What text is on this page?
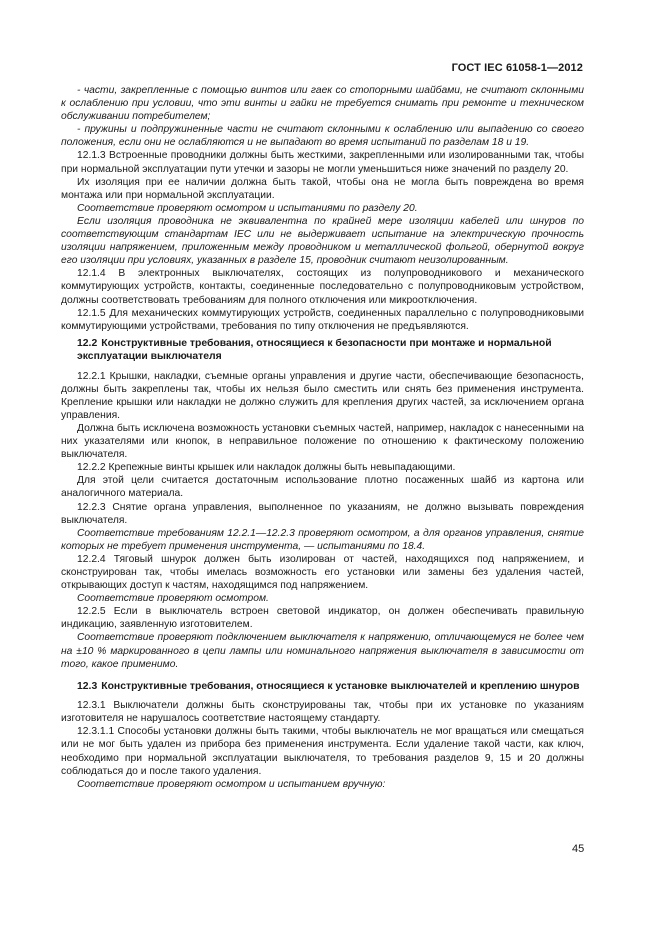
ГОСТ IEC 61058-1—2012

- части, закрепленные с помощью винтов или гаек со стопорными шайбами, не считают склонными к ослаблению при условии, что эти винты и гайки не требуется снимать при ремонте и техническом обслуживании потребителем;

- пружины и подпружиненные части не считают склонными к ослаблению или выпадению со своего положения, если они не ослабляются и не выпадают во время испытаний по разделам 18 и 19.

12.1.3 Встроенные проводники должны быть жесткими, закрепленными или изолированными так, чтобы при нормальной эксплуатации пути утечки и зазоры не могли уменьшиться ниже значений по разделу 20.

Их изоляция при ее наличии должна быть такой, чтобы она не могла быть повреждена во время монтажа или при нормальной эксплуатации.

Соответствие проверяют осмотром и испытаниями по разделу 20.

Если изоляция проводника не эквивалентна по крайней мере изоляции кабелей или шнуров по соответствующим стандартам IEC или не выдерживает испытание на электрическую прочность изоляции напряжением, приложенным между проводником и металлической фольгой, обернутой вокруг его изоляции при условиях, указанных в разделе 15, проводник считают неизолированным.

12.1.4 В электронных выключателях, состоящих из полупроводникового и механического коммутирующих устройств, контакты, соединенные последовательно с полупроводниковым устройством, должны соответствовать требованиям для полного отключения или микроотключения.

12.1.5 Для механических коммутирующих устройств, соединенных параллельно с полупроводниковыми коммутирующими устройствами, требования по типу отключения не предъявляются.

12.2 Конструктивные требования, относящиеся к безопасности при монтаже и нормальной эксплуатации выключателя

12.2.1 Крышки, накладки, съемные органы управления и другие части, обеспечивающие безопасность, должны быть закреплены так, чтобы их нельзя было сместить или снять без применения инструмента. Крепление крышки или накладки не должно служить для крепления других частей, за исключением органа управления.

Должна быть исключена возможность установки съемных частей, например, накладок с нанесенными на них указателями или кнопок, в неправильное положение по отношению к фактическому положению выключателя.

12.2.2 Крепежные винты крышек или накладок должны быть невыпадающими.

Для этой цели считается достаточным использование плотно посаженных шайб из картона или аналогичного материала.

12.2.3 Снятие органа управления, выполненное по указаниям, не должно вызывать повреждения выключателя.

Соответствие требованиям 12.2.1—12.2.3 проверяют осмотром, а для органов управления, снятие которых не требует применения инструмента, — испытаниями по 18.4.

12.2.4 Тяговый шнурок должен быть изолирован от частей, находящихся под напряжением, и сконструирован так, чтобы имелась возможность его установки или замены без удаления частей, открывающих доступ к частям, находящимся под напряжением.

Соответствие проверяют осмотром.

12.2.5 Если в выключатель встроен световой индикатор, он должен обеспечивать правильную индикацию, заявленную изготовителем.

Соответствие проверяют подключением выключателя к напряжению, отличающемуся не более чем на ±10 % маркированного в цепи лампы или номинального напряжения выключателя в зависимости от того, какое применимо.

12.3 Конструктивные требования, относящиеся к установке выключателей и креплению шнуров

12.3.1 Выключатели должны быть сконструированы так, чтобы при их установке по указаниям изготовителя не нарушалось соответствие настоящему стандарту.

12.3.1.1 Способы установки должны быть такими, чтобы выключатель не мог вращаться или смещаться или не мог быть удален из прибора без применения инструмента. Если удаление такой части, как ключ, необходимо при нормальной эксплуатации выключателя, то требования разделов 9, 15 и 20 должны соблюдаться до и после такого удаления.

Соответствие проверяют осмотром и испытанием вручную:

45
